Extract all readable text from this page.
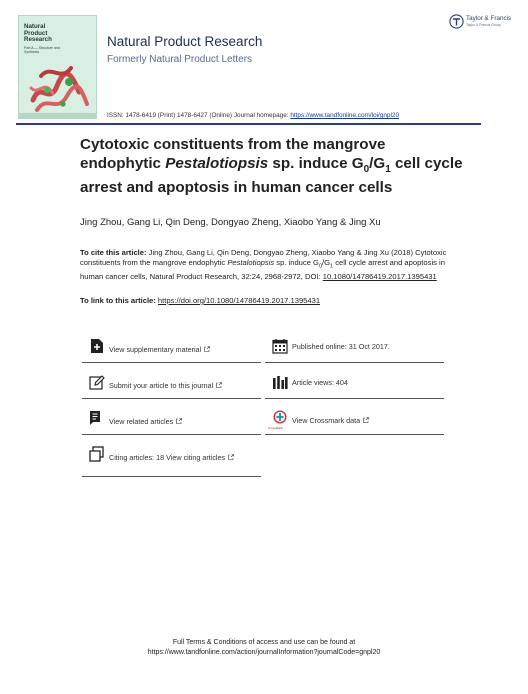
Natural
Product
Research
Part A — Structure and Synthesis
Taylor & Francis
Taylor & Francis Group
Natural Product Research
Formerly Natural Product Letters
ISSN: 1478-6419 (Print) 1478-6427 (Online) Journal homepage: https://www.tandfonline.com/loi/gnpl20
Cytotoxic constituents from the mangrove endophytic Pestalotiopsis sp. induce $G_0/G_1$ cell cycle arrest and apoptosis in human cancer cells
Jing Zhou, Gang Li, Qin Deng, Dongyao Zheng, Xiaobo Yang & Jing Xu
To cite this article: Jing Zhou, Gang Li, Qin Deng, Dongyao Zheng, Xiaobo Yang & Jing Xu (2018) Cytotoxic constituents from the mangrove endophytic Pestalotiopsis sp. induce $G_0/G_1$ cell cycle arrest and apoptosis in human cancer cells, Natural Product Research, 32:24, 2968-2972, DOI: 10.1080/14786419.2017.1395431
To link to this article: https://doi.org/10.1080/14786419.2017.1395431
View supplementary material	Published online: 31 Oct 2017.
Submit your article to this journal	Article views: 404
View related articles
CrossMark
View Crossmark data
Citing articles: 18 View citing articles
Full Terms & Conditions of access and use can be found at
https://www.tandfonline.com/action/journalInformation?journalCode=gnpl20
